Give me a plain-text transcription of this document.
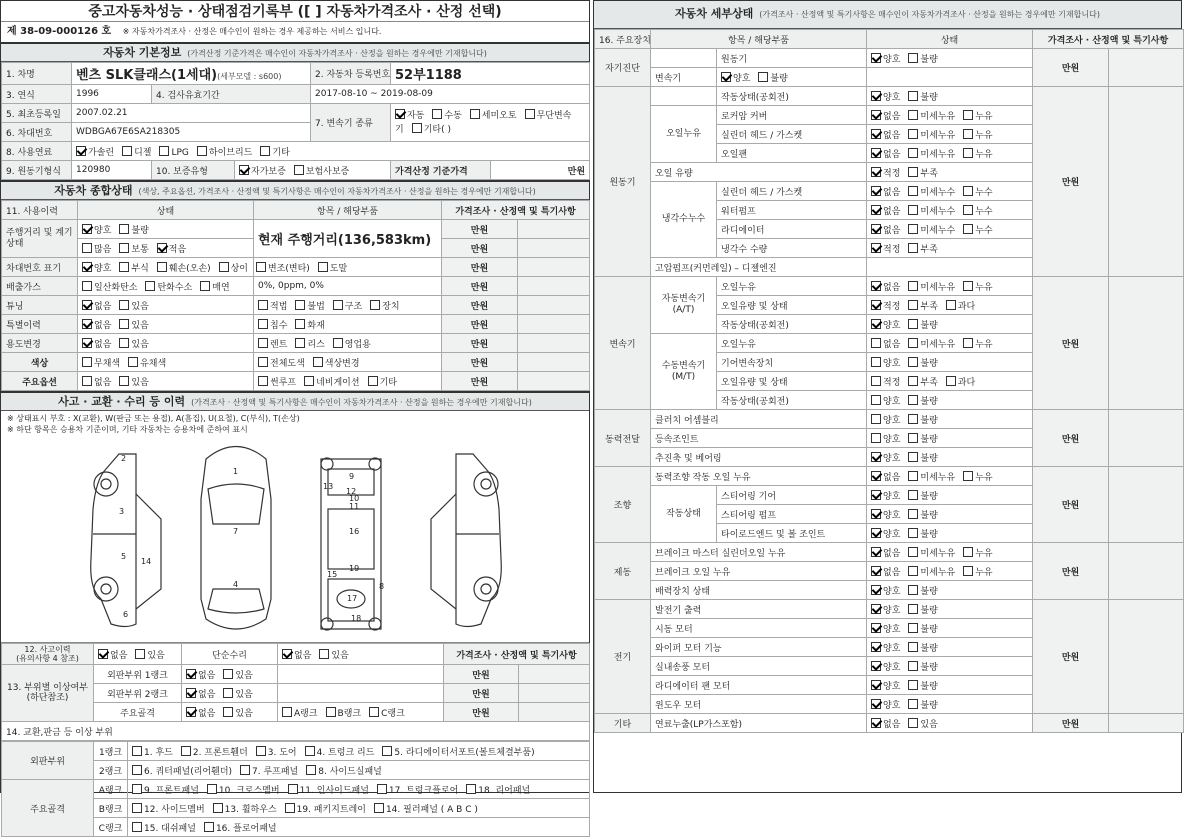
중고자동차성능 · 상태점검기록부 ([ ] 자동차가격조사 · 산정 선택)
제 38-09-000126 호 ※ 자동차가격조사 · 산정은 매수인이 원하는 경우 제공하는 서비스 입니다.
자동차 기본정보 (가격산정 기준가격은 매수인이 자동차가격조사 · 산정을 원하는 경우에만 기재합니다)
1. 차명	벤츠 SLK클래스(1세대)(세부모델 : s600)			2. 자동차 등록번호	52부1188	
3. 연식	1996	4. 검사유효기간		2017-08-10 ~ 2019-08-09		
5. 최초등록일	2007.02.21			7. 변속기 종류	자동 수동 세미오토 무단변속기 기타( )	
6. 차대번호	WDBGA67E6SA218305					
8. 사용연료	가솔린 디젤 LPG 하이브리드 기타					
9. 원동기형식	120980	10. 보증유형	자가보증 보험사보증		가격산정 기준가격	만원
자동차 종합상태 (색상, 주요옵션, 가격조사 · 산정액 및 특기사항은 매수인이 자동차가격조사 · 산정을 원하는 경우에만 기재합니다)
11. 사용이력	상태	항목 / 해당부품	가격조사 · 산정액 및 특기사항	
주행거리 및 계기상태	양호 불량	현재 주행거리(136,583km)	만원	
	많음 보통 적음		만원	
차대번호 표기	양호 부식 훼손(오손) 상이 변조(변타) 도말		만원	
배출가스	일산화탄소 탄화수소 매연	0%, 0ppm, 0%	만원	
튜닝	없음 있음	적법 불법 구조 장치	만원	
특별이력	없음 있음	침수 화재	만원	
용도변경	없음 있음	렌트 리스 영업용	만원	
색상	무채색 유채색	전체도색 색상변경	만원	
주요옵션	없음 있음	썬루프 네비게이션 기타	만원	
사고 · 교환 · 수리 등 이력 (가격조사 · 산정액 및 특기사항은 매수인이 자동차가격조사 · 산정을 원하는 경우에만 기재합니다)
※ 상태표시 부호 : X(교환), W(판금 또는 용접), A(흠집), U(요철), C(부식), T(손상)
※ 하단 항목은 승용차 기준이며, 기타 자동차는 승용차에 준하여 표시
1
2
3
4
5
6
7
8
9
10
11
12
13
14
15
16
17
18
19
12. 사고이력
(유의사항 4 참조)	없음 있음	단순수리	없음 있음	가격조사 · 산정액 및 특기사항	
13. 부위별 이상여부 (하단참조)	외판부위 1랭크	없음 있음		만원	
	외판부위 2랭크	없음 있음		만원	
	주요골격	없음 있음	A랭크 B랭크 C랭크	만원	
14. 교환,판금 등 이상 부위					
외판부위	1랭크	1. 후드 2. 프론트휀더 3. 도어 4. 트렁크 리드 5. 라디에이터서포트(볼트체결부품)
	2랭크	6. 쿼터패널(리어휀더) 7. 루프패널 8. 사이드실패널
주요골격	A랭크	9. 프론트패널 10. 크로스멤버 11. 인사이드패널 17. 트렁크플로어 18. 리어패널
	B랭크	12. 사이드멤버 13. 휠하우스 19. 패키지트레이 14. 필러패널 ( A B C )
	C랭크	15. 대쉬패널 16. 플로어패널
자동차 세부상태 (가격조사 · 산정액 및 특기사항은 매수인이 자동차가격조사 · 산정을 원하는 경우에만 기재합니다)
16. 주요장치	항목 / 해당부품		상태	가격조사 · 산정액 및 특기사항	
자기진단		원동기	양호 불량	만원	
	변속기	양호 불량			
원동기		작동상태(공회전)	양호 불량	만원	
	오일누유	로커암 커버	없음 미세누유 누유		
		실린더 헤드 / 가스켓	없음 미세누유 누유		
		오일팬	없음 미세누유 누유		
	오일 유량		적정 부족		
	냉각수누수	실린더 헤드 / 가스켓	없음 미세누수 누수		
		워터펌프	없음 미세누수 누수		
		라디에이터	없음 미세누수 누수		
		냉각수 수량	적정 부족		
	고압펌프(커먼레일) – 디젤엔진				
변속기	자동변속기 (A/T)	오일누유	없음 미세누유 누유	만원	
		오일유량 및 상태	적정 부족 과다		
		작동상태(공회전)	양호 불량		
	수동변속기 (M/T)	오일누유	없음 미세누유 누유		
		기어변속장치	양호 불량		
		오일유량 및 상태	적정 부족 과다		
		작동상태(공회전)	양호 불량		
동력전달	클러치 어셈블리		양호 불량	만원	
	등속조인트		양호 불량		
	추진축 및 베어링		양호 불량		
조향	동력조향 작동 오일 누유		없음 미세누유 누유	만원	
	작동상태	스티어링 기어	양호 불량		
		스티어링 펌프	양호 불량		
		타이로드엔드 및 볼 조인트	양호 불량		
제동	브레이크 마스터 실린더오일 누유		없음 미세누유 누유	만원	
	브레이크 오일 누유		없음 미세누유 누유		
	배력장치 상태		양호 불량		
전기	발전기 출력		양호 불량	만원	
	시동 모터		양호 불량		
	와이퍼 모터 기능		양호 불량		
	실내송풍 모터		양호 불량		
	라디에이터 팬 모터		양호 불량		
	윈도우 모터		양호 불량		
기타	연료누출(LP가스포함)		없음 있음	만원	
